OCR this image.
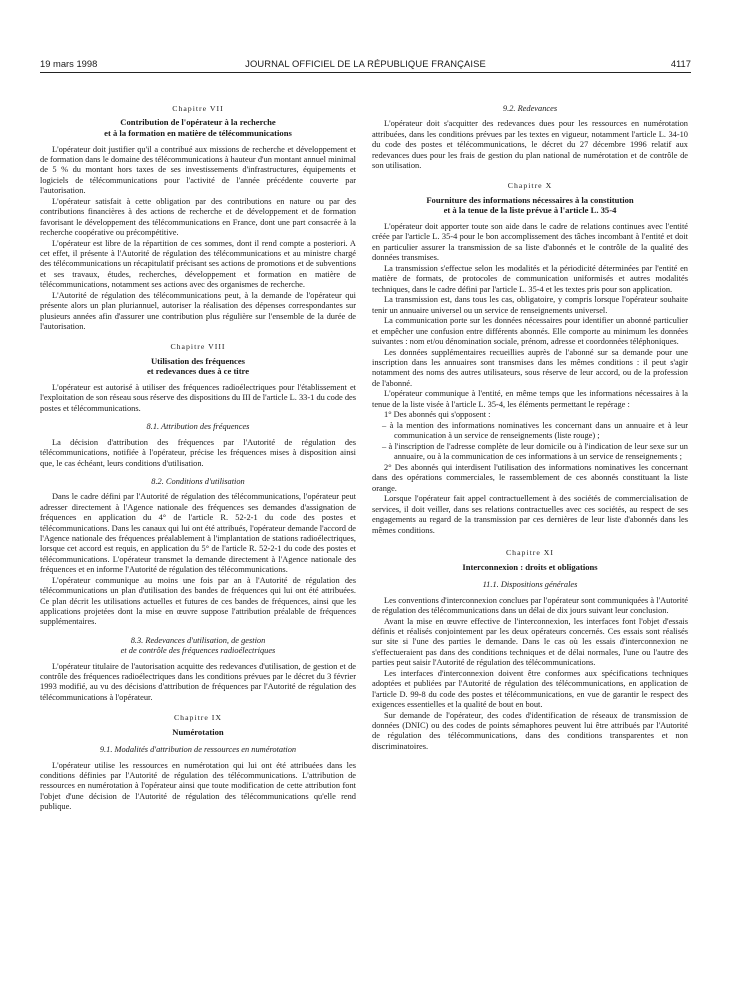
19 mars 1998	JOURNAL OFFICIEL DE LA RÉPUBLIQUE FRANÇAISE	4117
Chapitre VII
Contribution de l'opérateur à la recherche
et à la formation en matière de télécommunications

L'opérateur doit justifier qu'il a contribué aux missions de recherche et développement et de formation dans le domaine des télécommunications à hauteur d'un montant annuel minimal de 5 % du montant hors taxes de ses investissements d'infrastructures, équipements et logiciels de télécommunications pour l'activité de l'année précédente couverte par l'autorisation.

L'opérateur satisfait à cette obligation par des contributions en nature ou par des contributions financières à des actions de recherche et de développement et de formation favorisant le développement des télécommunications en France, dont une part consacrée à la recherche coopérative ou précompétitive.

L'opérateur est libre de la répartition de ces sommes, dont il rend compte a posteriori. A cet effet, il présente à l'Autorité de régulation des télécommunications et au ministre chargé des télécommunications un récapitulatif précisant ses actions de promotions et de subventions et ses travaux, études, recherches, développement et formation en matière de télécommunications, notamment ses actions avec des organismes de recherche.

L'Autorité de régulation des télécommunications peut, à la demande de l'opérateur qui présente alors un plan pluriannuel, autoriser la réalisation des dépenses correspondantes sur plusieurs années afin d'assurer une contribution plus régulière sur l'ensemble de la durée de l'autorisation.

Chapitre VIII
Utilisation des fréquences
et redevances dues à ce titre

L'opérateur est autorisé à utiliser des fréquences radioélectriques pour l'établissement et l'exploitation de son réseau sous réserve des dispositions du III de l'article L. 33-1 du code des postes et télécommunications.

8.1. Attribution des fréquences

La décision d'attribution des fréquences par l'Autorité de régulation des télécommunications, notifiée à l'opérateur, précise les fréquences mises à disposition ainsi que, le cas échéant, leurs conditions d'utilisation.

8.2. Conditions d'utilisation

Dans le cadre défini par l'Autorité de régulation des télécommunications, l'opérateur peut adresser directement à l'Agence nationale des fréquences ses demandes d'assignation de fréquences en application du 4° de l'article R. 52-2-1 du code des postes et télécommunications. Dans les canaux qui lui ont été attribués, l'opérateur demande l'accord de l'Agence nationale des fréquences préalablement à l'implantation de stations radioélectriques, lorsque cet accord est requis, en application du 5° de l'article R. 52-2-1 du code des postes et télécommunications. L'opérateur transmet la demande directement à l'Agence nationale des fréquences et en informe l'Autorité de régulation des télécommunications.

L'opérateur communique au moins une fois par an à l'Autorité de régulation des télécommunications un plan d'utilisation des bandes de fréquences qui lui ont été attribuées. Ce plan décrit les utilisations actuelles et futures de ces bandes de fréquences, ainsi que les applications projetées dont la mise en œuvre suppose l'attribution préalable de fréquences supplémentaires.

8.3. Redevances d'utilisation, de gestion
et de contrôle des fréquences radioélectriques

L'opérateur titulaire de l'autorisation acquitte des redevances d'utilisation, de gestion et de contrôle des fréquences radioélectriques dans les conditions prévues par le décret du 3 février 1993 modifié, au vu des décisions d'attribution de fréquences par l'Autorité de régulation des télécommunications à l'opérateur.

Chapitre IX
Numérotation
9.1. Modalités d'attribution de ressources en numérotation

L'opérateur utilise les ressources en numérotation qui lui ont été attribuées dans les conditions définies par l'Autorité de régulation des télécommunications. L'attribution de ressources en numérotation à l'opérateur ainsi que toute modification de cette attribution font l'objet d'une décision de l'Autorité de régulation des télécommunications qu'elle rend publique.

9.2. Redevances

L'opérateur doit s'acquitter des redevances dues pour les ressources en numérotation attribuées, dans les conditions prévues par les textes en vigueur, notamment l'article L. 34-10 du code des postes et télécommunications, le décret du 27 décembre 1996 relatif aux redevances dues pour les frais de gestion du plan national de numérotation et de contrôle de son utilisation.

Chapitre X
Fourniture des informations nécessaires à la constitution
et à la tenue de la liste prévue à l'article L. 35-4

L'opérateur doit apporter toute son aide dans le cadre de relations continues avec l'entité créée par l'article L. 35-4 pour le bon accomplissement des tâches incombant à l'entité et doit en particulier assurer la transmission de sa liste d'abonnés et le contrôle de la qualité des données transmises.

La transmission s'effectue selon les modalités et la périodicité déterminées par l'entité en matière de formats, de protocoles de communication uniformisés et autres modalités techniques, dans le cadre défini par l'article L. 35-4 et les textes pris pour son application.

La transmission est, dans tous les cas, obligatoire, y compris lorsque l'opérateur souhaite tenir un annuaire universel ou un service de renseignements universel.

La communication porte sur les données nécessaires pour identifier un abonné particulier et empêcher une confusion entre différents abonnés. Elle comporte au minimum les données suivantes : nom et/ou dénomination sociale, prénom, adresse et coordonnées téléphoniques.

Les données supplémentaires recueillies auprès de l'abonné sur sa demande pour une inscription dans les annuaires sont transmises dans les mêmes conditions : il peut s'agir notamment des noms des autres utilisateurs, sous réserve de leur accord, ou de la profession de l'abonné.

L'opérateur communique à l'entité, en même temps que les informations nécessaires à la tenue de la liste visée à l'article L. 35-4, les éléments permettant le repérage :

1° Des abonnés qui s'opposent :

– à la mention des informations nominatives les concernant dans un annuaire et à leur communication à un service de renseignements (liste rouge) ;

– à l'inscription de l'adresse complète de leur domicile ou à l'indication de leur sexe sur un annuaire, ou à la communication de ces informations à un service de renseignements ;

2° Des abonnés qui interdisent l'utilisation des informations nominatives les concernant dans des opérations commerciales, le rassemblement de ces abonnés constituant la liste orange.

Lorsque l'opérateur fait appel contractuellement à des sociétés de commercialisation de services, il doit veiller, dans ses relations contractuelles avec ces sociétés, au respect de ses engagements au regard de la transmission par ces dernières de leur liste d'abonnés dans les mêmes conditions.

Chapitre XI
Interconnexion : droits et obligations
11.1. Dispositions générales

Les conventions d'interconnexion conclues par l'opérateur sont communiquées à l'Autorité de régulation des télécommunications dans un délai de dix jours suivant leur conclusion.

Avant la mise en œuvre effective de l'interconnexion, les interfaces font l'objet d'essais définis et réalisés conjointement par les deux opérateurs concernés. Ces essais sont réalisés sur site si l'une des parties le demande. Dans le cas où les essais d'interconnexion ne s'effectueraient pas dans des conditions techniques et de délai normales, l'une ou l'autre des parties peut saisir l'Autorité de régulation des télécommunications.

Les interfaces d'interconnexion doivent être conformes aux spécifications techniques adoptées et publiées par l'Autorité de régulation des télécommunications, en application de l'article D. 99-8 du code des postes et télécommunications, en vue de garantir le respect des exigences essentielles et la qualité de bout en bout.

Sur demande de l'opérateur, des codes d'identification de réseaux de transmission de données (DNIC) ou des codes de points sémaphores peuvent lui être attribués par l'Autorité de régulation des télécommunications, dans des conditions transparentes et non discriminatoires.
